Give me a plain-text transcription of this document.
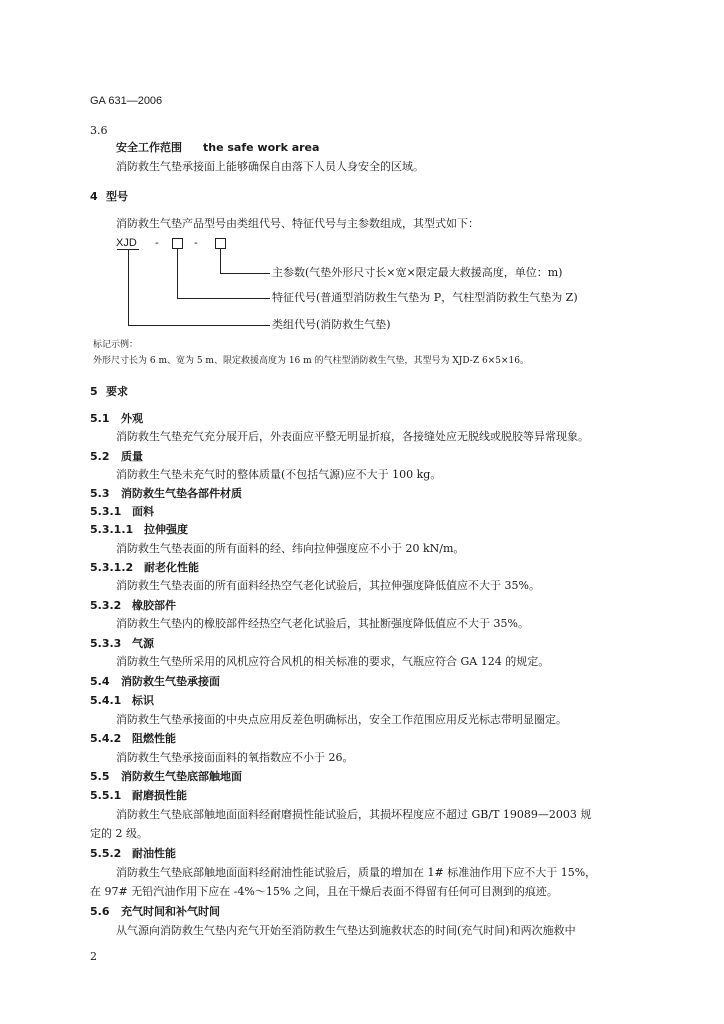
GA 631—2006
3.6
安全工作范围 the safe work area
消防救生气垫承接面上能够确保自由落下人员人身安全的区域。
4 型号
消防救生气垫产品型号由类组代号、特征代号与主参数组成，其型式如下：
XJD -	-
主参数(气垫外形尺寸长×宽×限定最大救援高度，单位：m)
特征代号(普通型消防救生气垫为 P，气柱型消防救生气垫为 Z)
类组代号(消防救生气垫)
标记示例：
外形尺寸长为 6 m、宽为 5 m、限定救援高度为 16 m 的气柱型消防救生气垫，其型号为 XJD-Z 6×5×16。
5 要求
5.1 外观
消防救生气垫充气充分展开后，外表面应平整无明显折痕，各接缝处应无脱线或脱胶等异常现象。
5.2 质量
消防救生气垫未充气时的整体质量(不包括气源)应不大于 100 kg。
5.3 消防救生气垫各部件材质
5.3.1 面料
5.3.1.1 拉伸强度
消防救生气垫表面的所有面料的经、纬向拉伸强度应不小于 20 kN/m。
5.3.1.2 耐老化性能
消防救生气垫表面的所有面料经热空气老化试验后，其拉伸强度降低值应不大于 35%。
5.3.2 橡胶部件
消防救生气垫内的橡胶部件经热空气老化试验后，其扯断强度降低值应不大于 35%。
5.3.3 气源
消防救生气垫所采用的风机应符合风机的相关标准的要求，气瓶应符合 GA 124 的规定。
5.4 消防救生气垫承接面
5.4.1 标识
消防救生气垫承接面的中央点应用反差色明确标出，安全工作范围应用反光标志带明显圈定。
5.4.2 阻燃性能
消防救生气垫承接面面料的氧指数应不小于 26。
5.5 消防救生气垫底部触地面
5.5.1 耐磨损性能
消防救生气垫底部触地面面料经耐磨损性能试验后，其损坏程度应不超过 GB/T 19089—2003 规
定的 2 级。
5.5.2 耐油性能
消防救生气垫底部触地面面料经耐油性能试验后，质量的增加在 1# 标准油作用下应不大于 15%，
在 97# 无铅汽油作用下应在 -4%～15% 之间，且在干燥后表面不得留有任何可目测到的痕迹。
5.6 充气时间和补气时间
从气源向消防救生气垫内充气开始至消防救生气垫达到施救状态的时间(充气时间)和两次施救中
2
